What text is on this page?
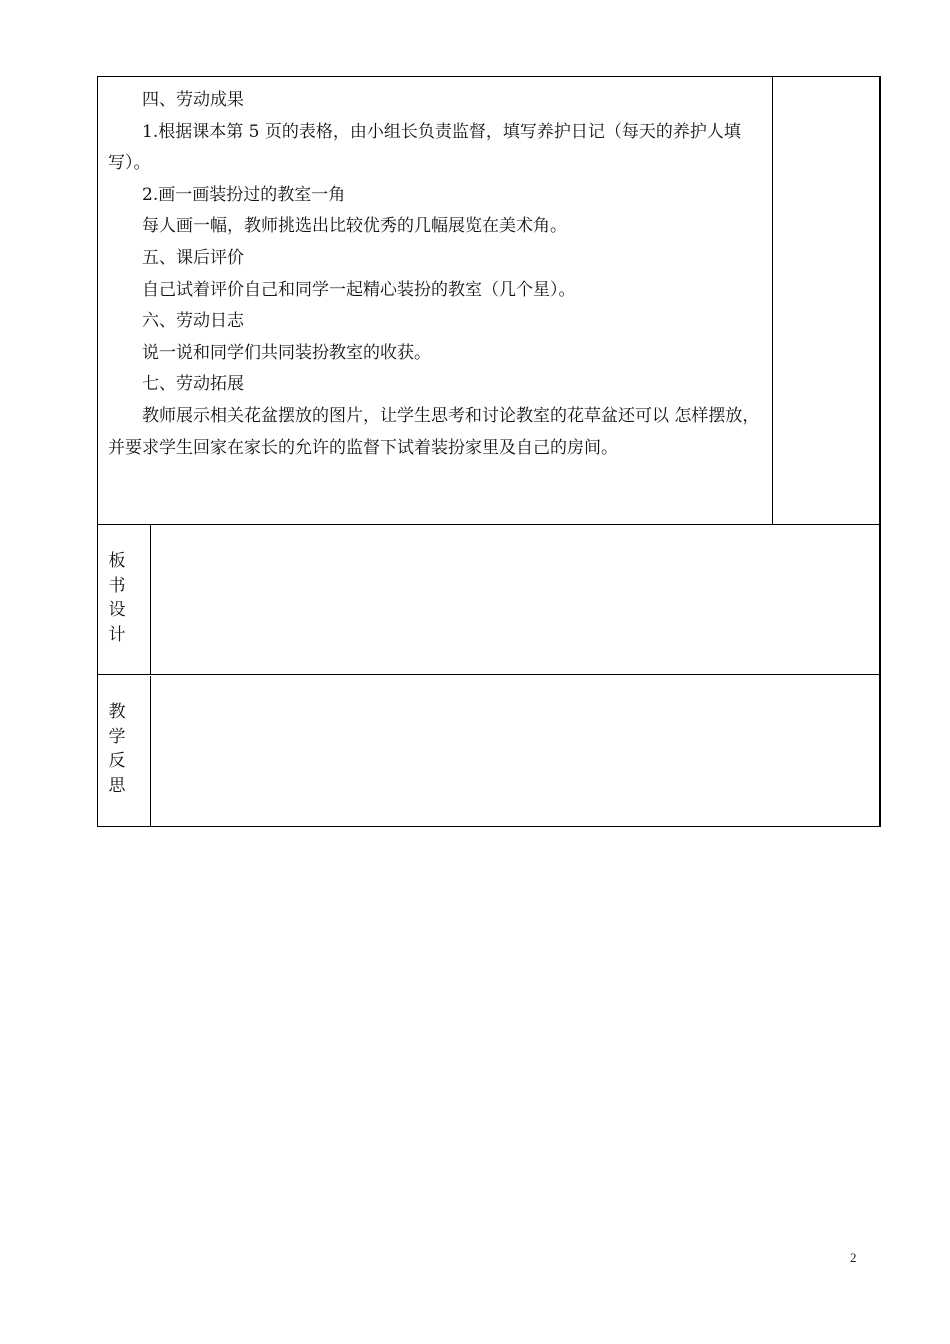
四、劳动成果

1.根据课本第 5 页的表格，由小组长负责监督，填写养护日记（每天的养护人填写）。

2.画一画装扮过的教室一角

每人画一幅，教师挑选出比较优秀的几幅展览在美术角。

五、课后评价

自己试着评价自己和同学一起精心装扮的教室（几个星）。

六、劳动日志

说一说和同学们共同装扮教室的收获。

七、劳动拓展

教师展示相关花盆摆放的图片，让学生思考和讨论教室的花草盆还可以 怎样摆放，并要求学生回家在家长的允许的监督下试着装扮家里及自己的房间。

板书设计
教学反思
2
